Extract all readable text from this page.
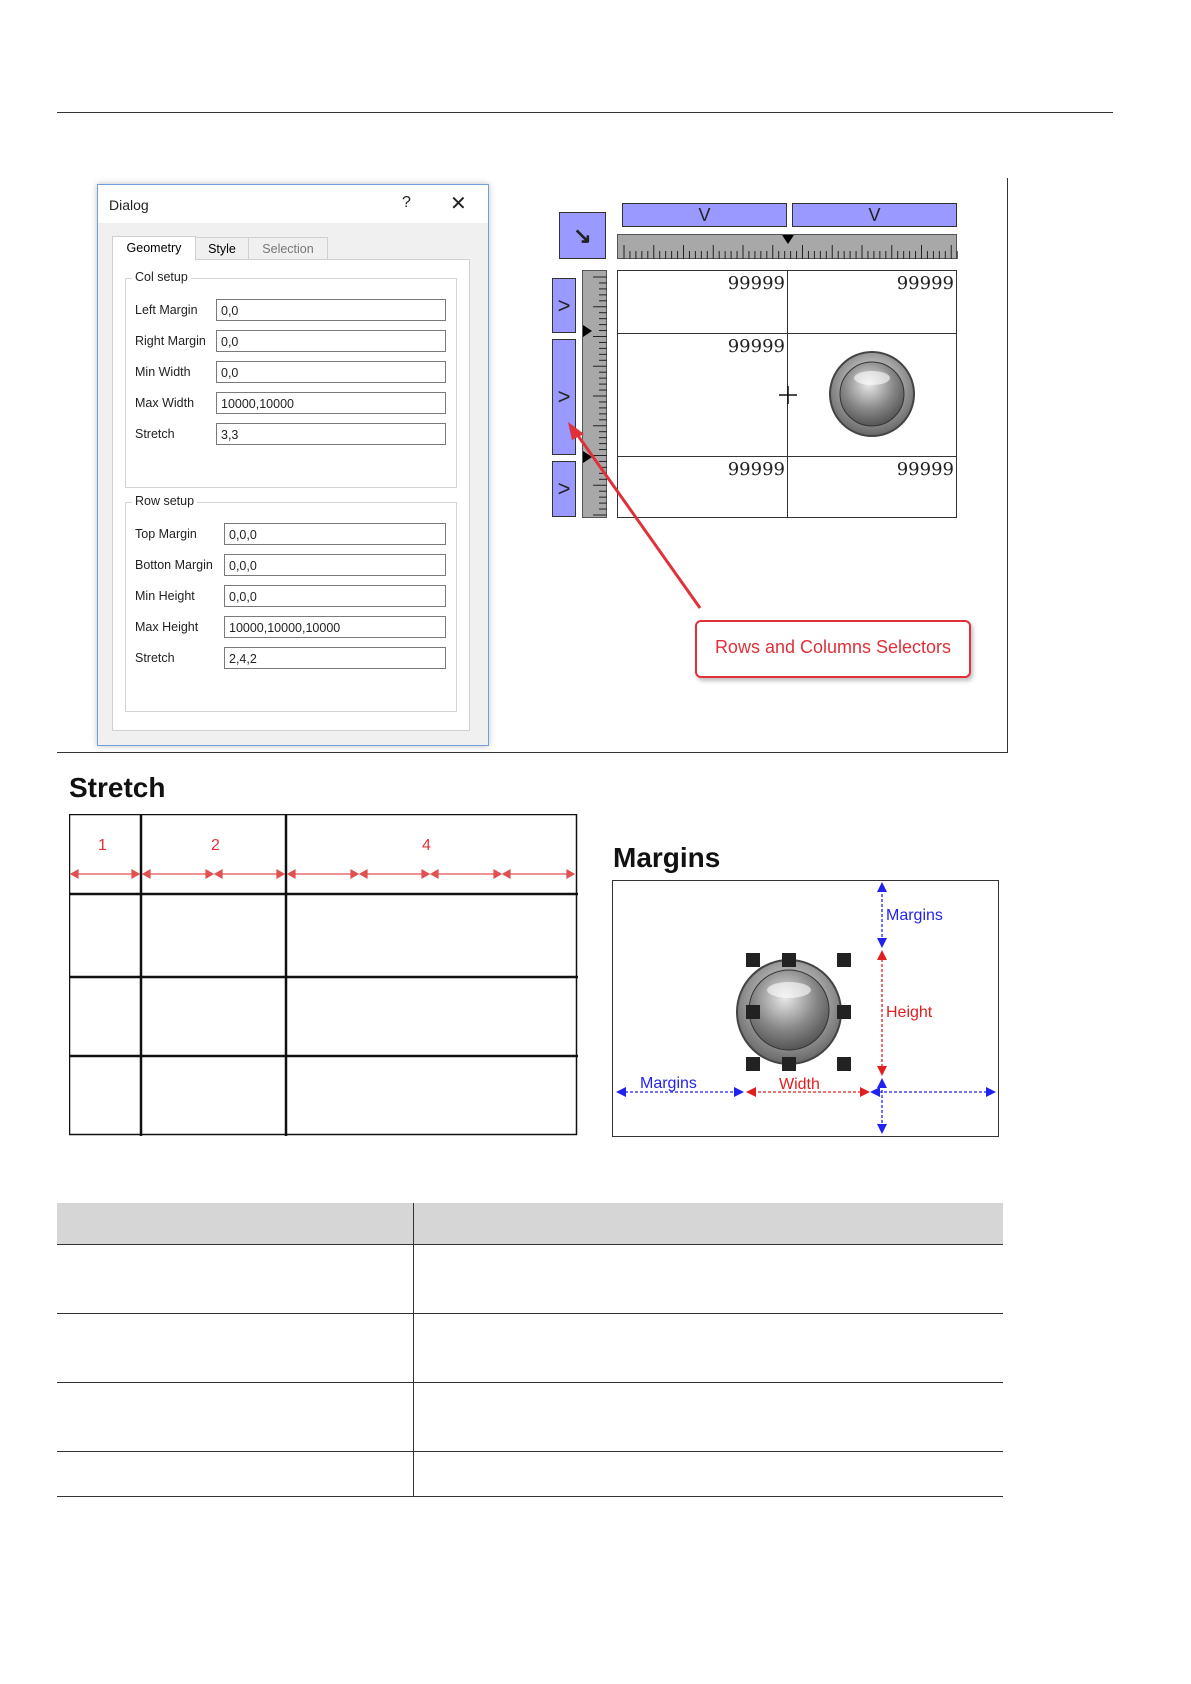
Dialog	? ✕
Geometry	Style	Selection
Col setup
Left Margin	0,0
Right Margin	0,0
Min Width	0,0
Max Width	10000,10000
Stretch	3,3
Row setup
Top Margin	0,0,0
Botton Margin	0,0,0
Min Height	0,0,0
Max Height	10000,10000,10000
Stretch	2,4,2
↘
V	V
>
>
>
99999	99999
99999
99999	99999
Rows and Columns Selectors
Stretch
1	2	4	Margins
Margins
Height
Margins	Width
